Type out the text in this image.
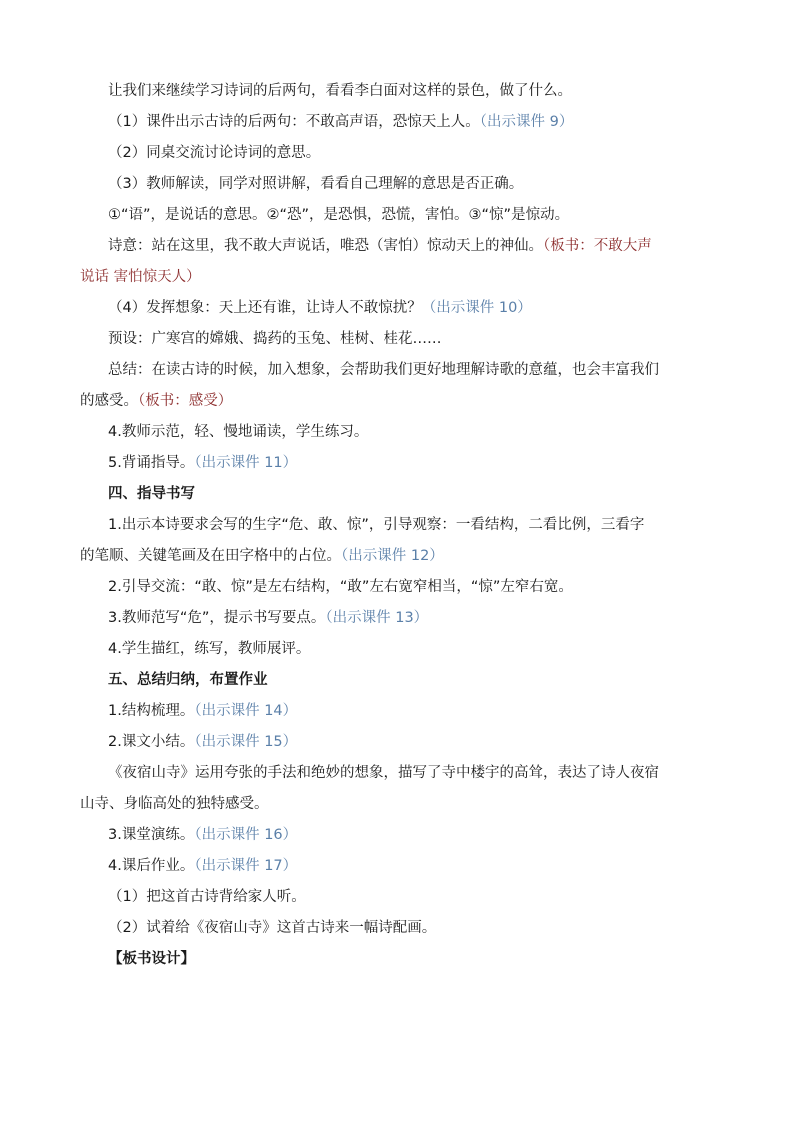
让我们来继续学习诗词的后两句，看看李白面对这样的景色，做了什么。

（1）课件出示古诗的后两句：不敢高声语，恐惊天上人。（出示课件 9）

（2）同桌交流讨论诗词的意思。

（3）教师解读，同学对照讲解，看看自己理解的意思是否正确。

①“语”，是说话的意思。②“恐”，是恐惧，恐慌，害怕。③“惊”是惊动。

诗意：站在这里，我不敢大声说话，唯恐（害怕）惊动天上的神仙。（板书：不敢大声

说话 害怕惊天人）

（4）发挥想象：天上还有谁，让诗人不敢惊扰？（出示课件 10）

预设：广寒宫的嫦娥、捣药的玉兔、桂树、桂花……

总结：在读古诗的时候，加入想象，会帮助我们更好地理解诗歌的意蕴，也会丰富我们

的感受。（板书：感受）

4.教师示范，轻、慢地诵读，学生练习。

5.背诵指导。（出示课件 11）

四、指导书写

1.出示本诗要求会写的生字“危、敢、惊”，引导观察：一看结构，二看比例，三看字

的笔顺、关键笔画及在田字格中的占位。（出示课件 12）

2.引导交流：“敢、惊”是左右结构，“敢”左右宽窄相当，“惊”左窄右宽。

3.教师范写“危”，提示书写要点。（出示课件 13）

4.学生描红，练写，教师展评。

五、总结归纳，布置作业

1.结构梳理。（出示课件 14）

2.课文小结。（出示课件 15）

《夜宿山寺》运用夸张的手法和绝妙的想象，描写了寺中楼宇的高耸，表达了诗人夜宿

山寺、身临高处的独特感受。

3.课堂演练。（出示课件 16）

4.课后作业。（出示课件 17）

（1）把这首古诗背给家人听。

（2）试着给《夜宿山寺》这首古诗来一幅诗配画。

【板书设计】
